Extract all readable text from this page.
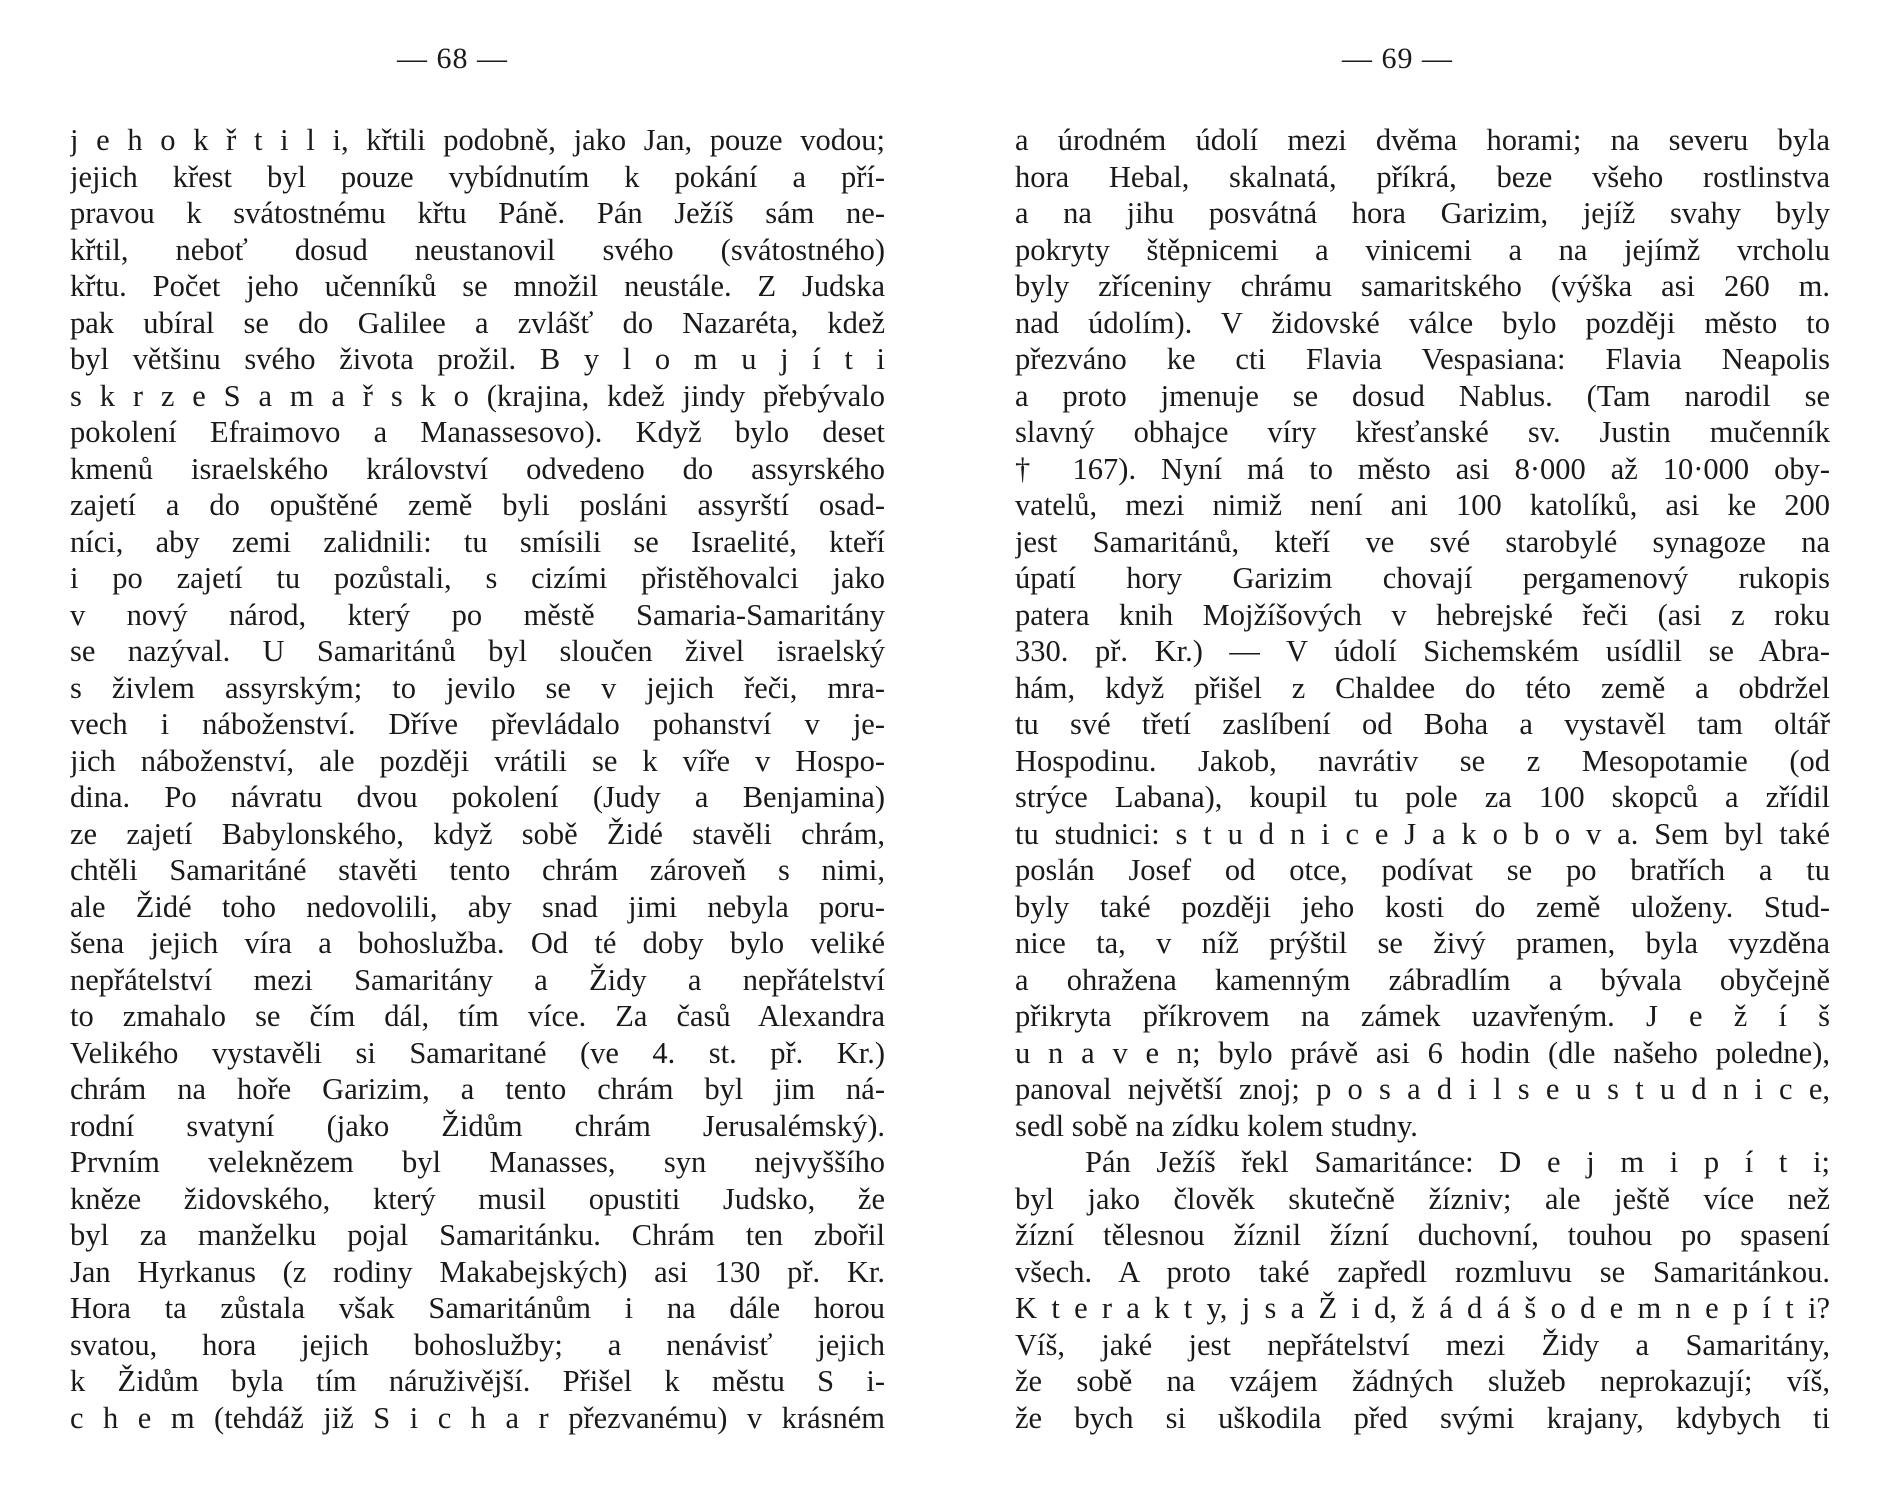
— 68 —
j e h o k ř t i l i, křtili podobně, jako Jan, pouze vodou;
jejich křest byl pouze vybídnutím k pokání a pří-
pravou k svátostnému křtu Páně. Pán Ježíš sám ne-
křtil, neboť dosud neustanovil svého (svátostného)
křtu. Počet jeho učenníků se množil neustále. Z Judska
pak ubíral se do Galilee a zvlášť do Nazaréta, kdež
byl většinu svého života prožil. B y l o m u j í t i
s k r z e S a m a ř s k o (krajina, kdež jindy přebývalo
pokolení Efraimovo a Manassesovo). Když bylo deset
kmenů israelského království odvedeno do assyrského
zajetí a do opuštěné země byli posláni assyrští osad-
níci, aby zemi zalidnili: tu smísili se Israelité, kteří
i po zajetí tu pozůstali, s cizími přistěhovalci jako
v nový národ, který po městě Samaria-Samaritány
se nazýval. U Samaritánů byl sloučen živel israelský
s živlem assyrským; to jevilo se v jejich řeči, mra-
vech i náboženství. Dříve převládalo pohanství v je-
jich náboženství, ale později vrátili se k víře v Hospo-
dina. Po návratu dvou pokolení (Judy a Benjamina)
ze zajetí Babylonského, když sobě Židé stavěli chrám,
chtěli Samaritáné stavěti tento chrám zároveň s nimi,
ale Židé toho nedovolili, aby snad jimi nebyla poru-
šena jejich víra a bohoslužba. Od té doby bylo veliké
nepřátelství mezi Samaritány a Židy a nepřátelství
to zmahalo se čím dál, tím více. Za časů Alexandra
Velikého vystavěli si Samaritané (ve 4. st. př. Kr.)
chrám na hoře Garizim, a tento chrám byl jim ná-
rodní svatyní (jako Židům chrám Jerusalémský).
Prvním veleknězem byl Manasses, syn nejvyššího
kněze židovského, který musil opustiti Judsko, že
byl za manželku pojal Samaritánku. Chrám ten zbořil
Jan Hyrkanus (z rodiny Makabejských) asi 130 př. Kr.
Hora ta zůstala však Samaritánům i na dále horou
svatou, hora jejich bohoslužby; a nenávisť jejich
k Židům byla tím náruživější. Přišel k městu S i-
c h e m (tehdáž již S i c h a r přezvanému) v krásném
— 69 —
a úrodném údolí mezi dvěma horami; na severu byla
hora Hebal, skalnatá, příkrá, beze všeho rostlinstva
a na jihu posvátná hora Garizim, jejíž svahy byly
pokryty štěpnicemi a vinicemi a na jejímž vrcholu
byly zříceniny chrámu samaritského (výška asi 260 m.
nad údolím). V židovské válce bylo později město to
přezváno ke cti Flavia Vespasiana: Flavia Neapolis
a proto jmenuje se dosud Nablus. (Tam narodil se
slavný obhajce víry křesťanské sv. Justin mučenník
† 167). Nyní má to město asi 8·000 až 10·000 oby-
vatelů, mezi nimiž není ani 100 katolíků, asi ke 200
jest Samaritánů, kteří ve své starobylé synagoze na
úpatí hory Garizim chovají pergamenový rukopis
patera knih Mojžíšových v hebrejské řeči (asi z roku
330. př. Kr.) — V údolí Sichemském usídlil se Abra-
hám, když přišel z Chaldee do této země a obdržel
tu své třetí zaslíbení od Boha a vystavěl tam oltář
Hospodinu. Jakob, navrátiv se z Mesopotamie (od
strýce Labana), koupil tu pole za 100 skopců a zřídil
tu studnici: s t u d n i c e J a k o b o v a. Sem byl také
poslán Josef od otce, podívat se po bratřích a tu
byly také později jeho kosti do země uloženy. Stud-
nice ta, v níž prýštil se živý pramen, byla vyzděna
a ohražena kamenným zábradlím a bývala obyčejně
přikryta příkrovem na zámek uzavřeným. J e ž í š
u n a v e n; bylo právě asi 6 hodin (dle našeho poledne),
panoval největší znoj; p o s a d i l s e u s t u d n i c e,
sedl sobě na zídku kolem studny.
Pán Ježíš řekl Samaritánce: D e j m i p í t i;
byl jako člověk skutečně žízniv; ale ještě více než
žízní tělesnou žíznil žízní duchovní, touhou po spasení
všech. A proto také zapředl rozmluvu se Samaritánkou.
K t e r a k t y, j s a Ž i d, ž á d á š o d e m n e p í t i?
Víš, jaké jest nepřátelství mezi Židy a Samaritány,
že sobě na vzájem žádných služeb neprokazují; víš,
že bych si uškodila před svými krajany, kdybych ti
